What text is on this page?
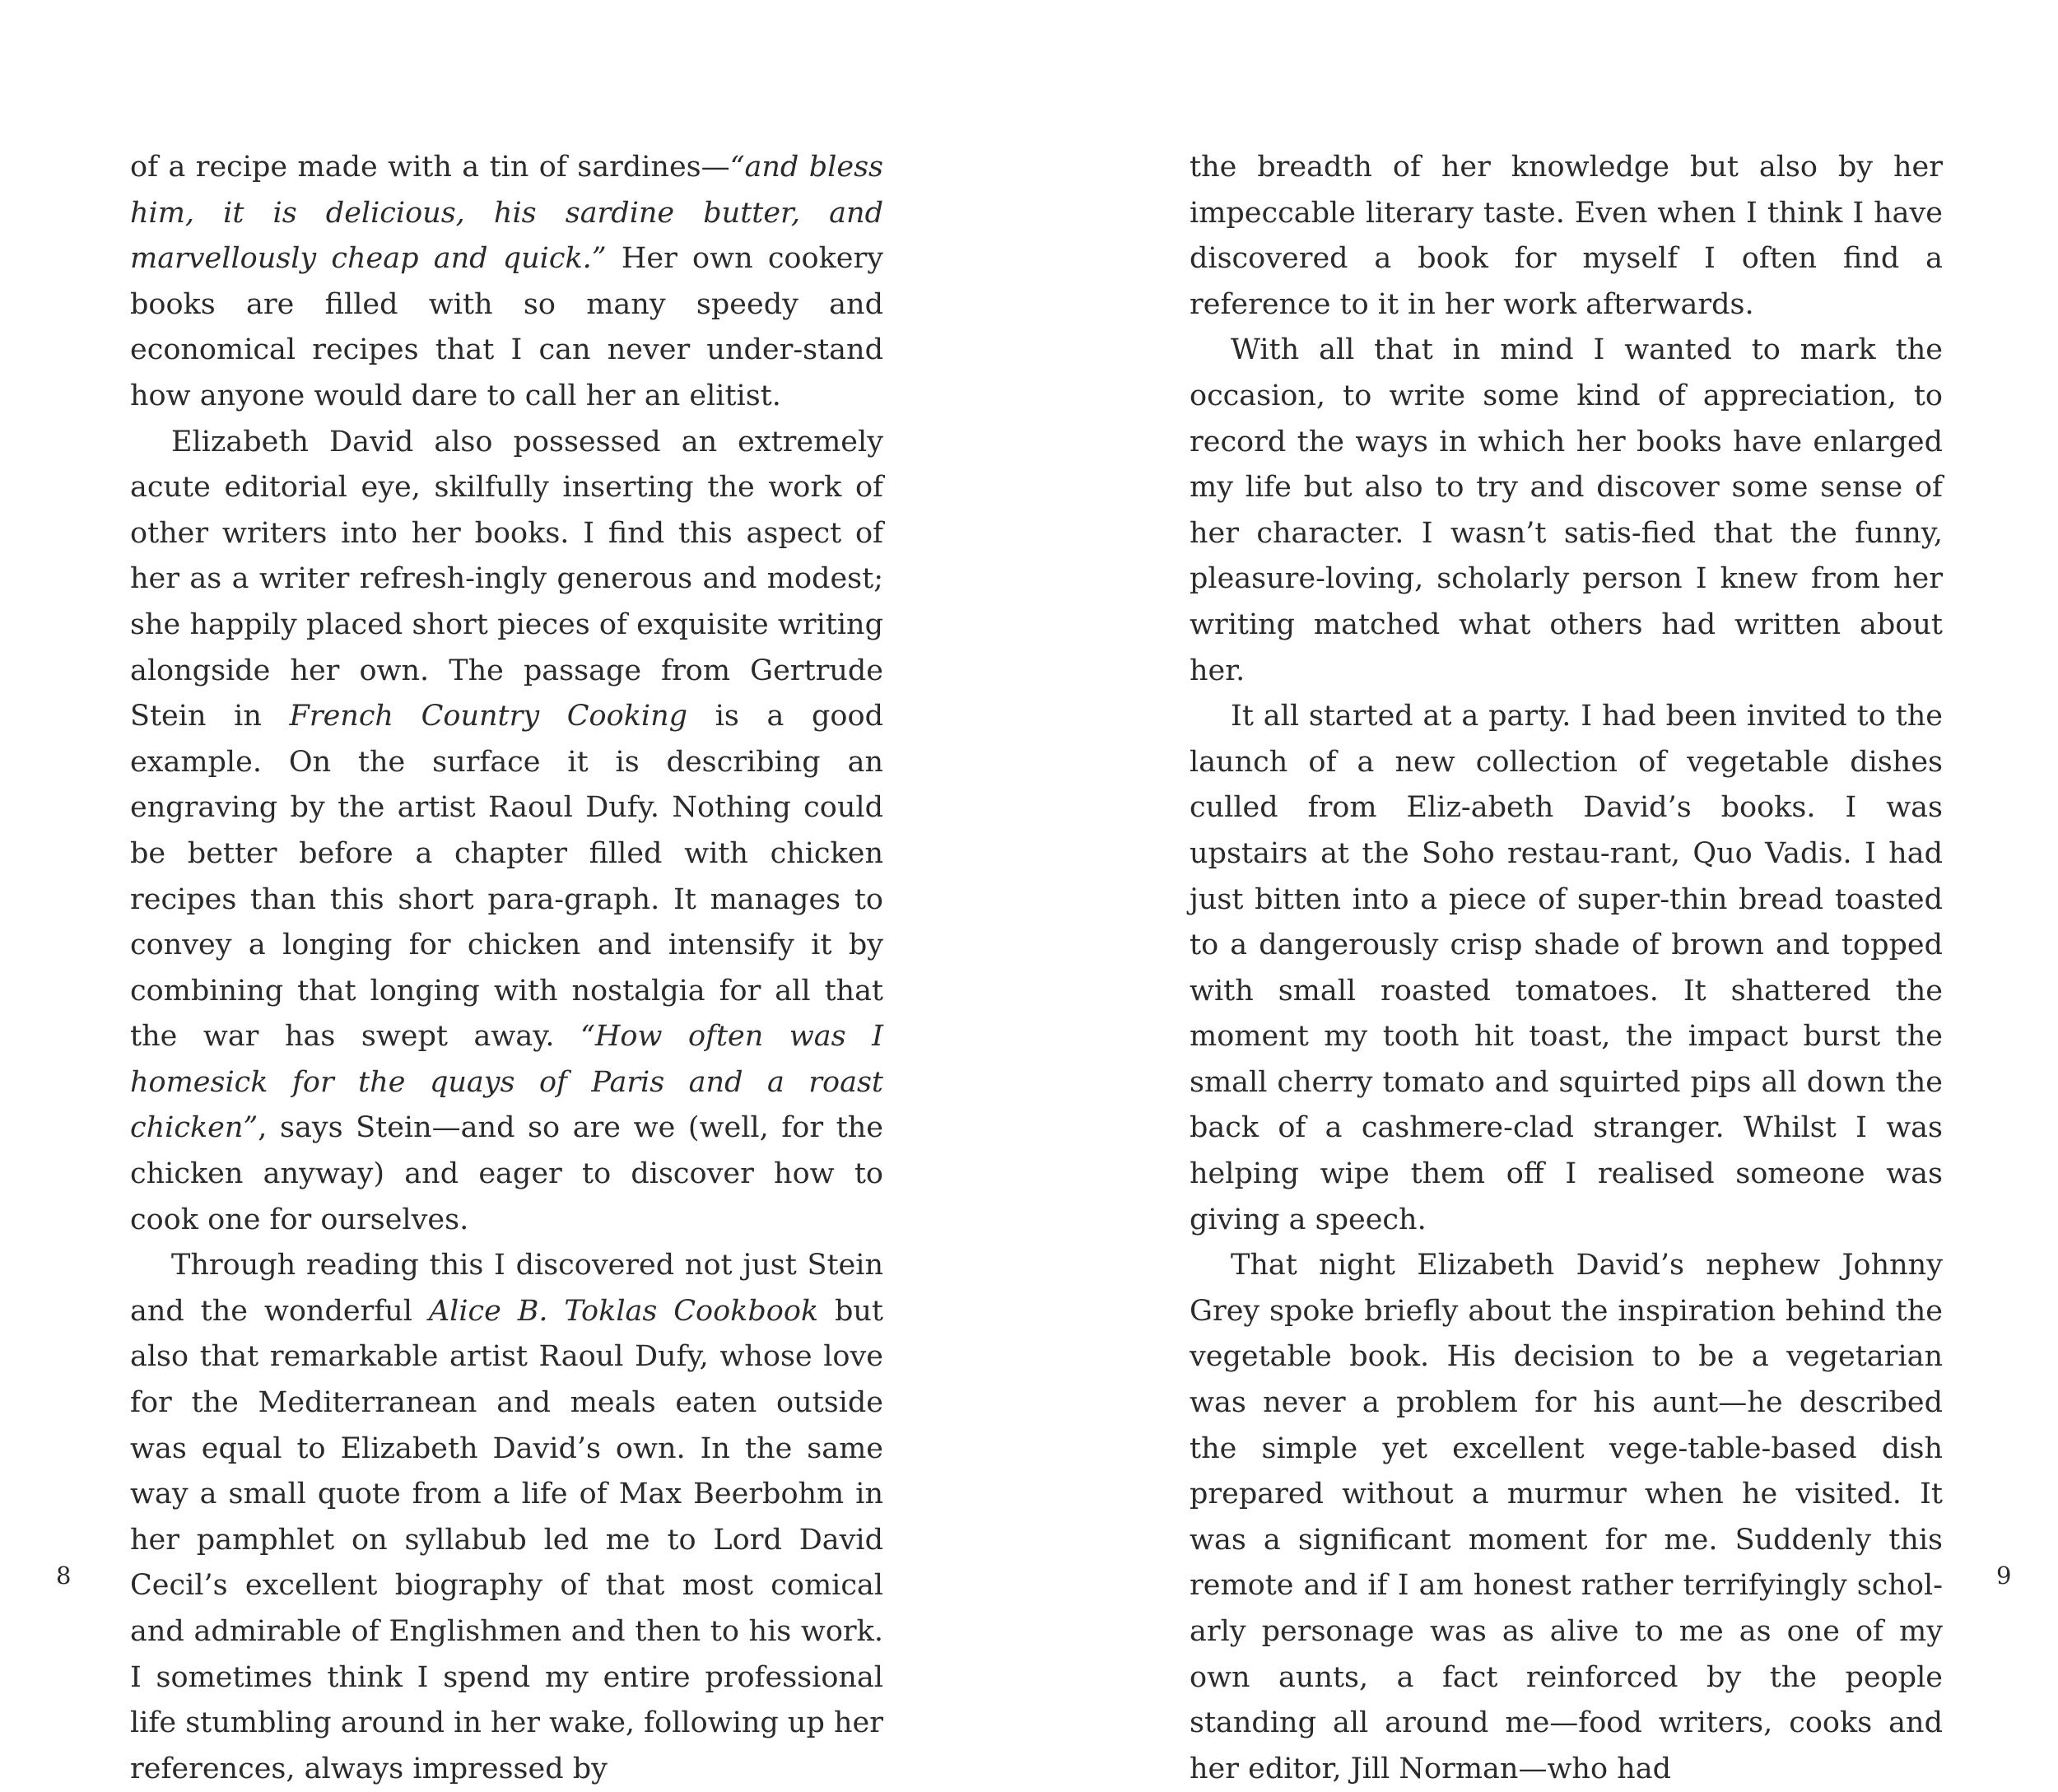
of a recipe made with a tin of sardines—“and bless him, it is delicious, his sardine butter, and marvellously cheap and quick.” Her own cookery books are filled with so many speedy and economical recipes that I can never under-stand how anyone would dare to call her an elitist.

Elizabeth David also possessed an extremely acute editorial eye, skilfully inserting the work of other writers into her books. I find this aspect of her as a writer refresh-ingly generous and modest; she happily placed short pieces of exquisite writing alongside her own. The passage from Gertrude Stein in French Country Cooking is a good example. On the surface it is describing an engraving by the artist Raoul Dufy. Nothing could be better before a chapter filled with chicken recipes than this short para-graph. It manages to convey a longing for chicken and intensify it by combining that longing with nostalgia for all that the war has swept away. “How often was I homesick for the quays of Paris and a roast chicken”, says Stein—and so are we (well, for the chicken anyway) and eager to discover how to cook one for ourselves.

Through reading this I discovered not just Stein and the wonderful Alice B. Toklas Cookbook but also that remarkable artist Raoul Dufy, whose love for the Mediterranean and meals eaten outside was equal to Elizabeth David’s own. In the same way a small quote from a life of Max Beerbohm in her pamphlet on syllabub led me to Lord David Cecil’s excellent biography of that most comical and admirable of Englishmen and then to his work. I sometimes think I spend my entire professional life stumbling around in her wake, following up her references, always impressed by

8

the breadth of her knowledge but also by her impeccable literary taste. Even when I think I have discovered a book for myself I often find a reference to it in her work afterwards.

With all that in mind I wanted to mark the occasion, to write some kind of appreciation, to record the ways in which her books have enlarged my life but also to try and discover some sense of her character. I wasn’t satis-fied that the funny, pleasure-loving, scholarly person I knew from her writing matched what others had written about her.

It all started at a party. I had been invited to the launch of a new collection of vegetable dishes culled from Eliz-abeth David’s books. I was upstairs at the Soho restau-rant, Quo Vadis. I had just bitten into a piece of super-thin bread toasted to a dangerously crisp shade of brown and topped with small roasted tomatoes. It shattered the moment my tooth hit toast, the impact burst the small cherry tomato and squirted pips all down the back of a cashmere-clad stranger. Whilst I was helping wipe them off I realised someone was giving a speech.

That night Elizabeth David’s nephew Johnny Grey spoke briefly about the inspiration behind the vegetable book. His decision to be a vegetarian was never a problem for his aunt—he described the simple yet excellent vege-table-based dish prepared without a murmur when he visited. It was a significant moment for me. Suddenly this remote and if I am honest rather terrifyingly schol-arly personage was as alive to me as one of my own aunts, a fact reinforced by the people standing all around me—food writers, cooks and her editor, Jill Norman—who had

9
